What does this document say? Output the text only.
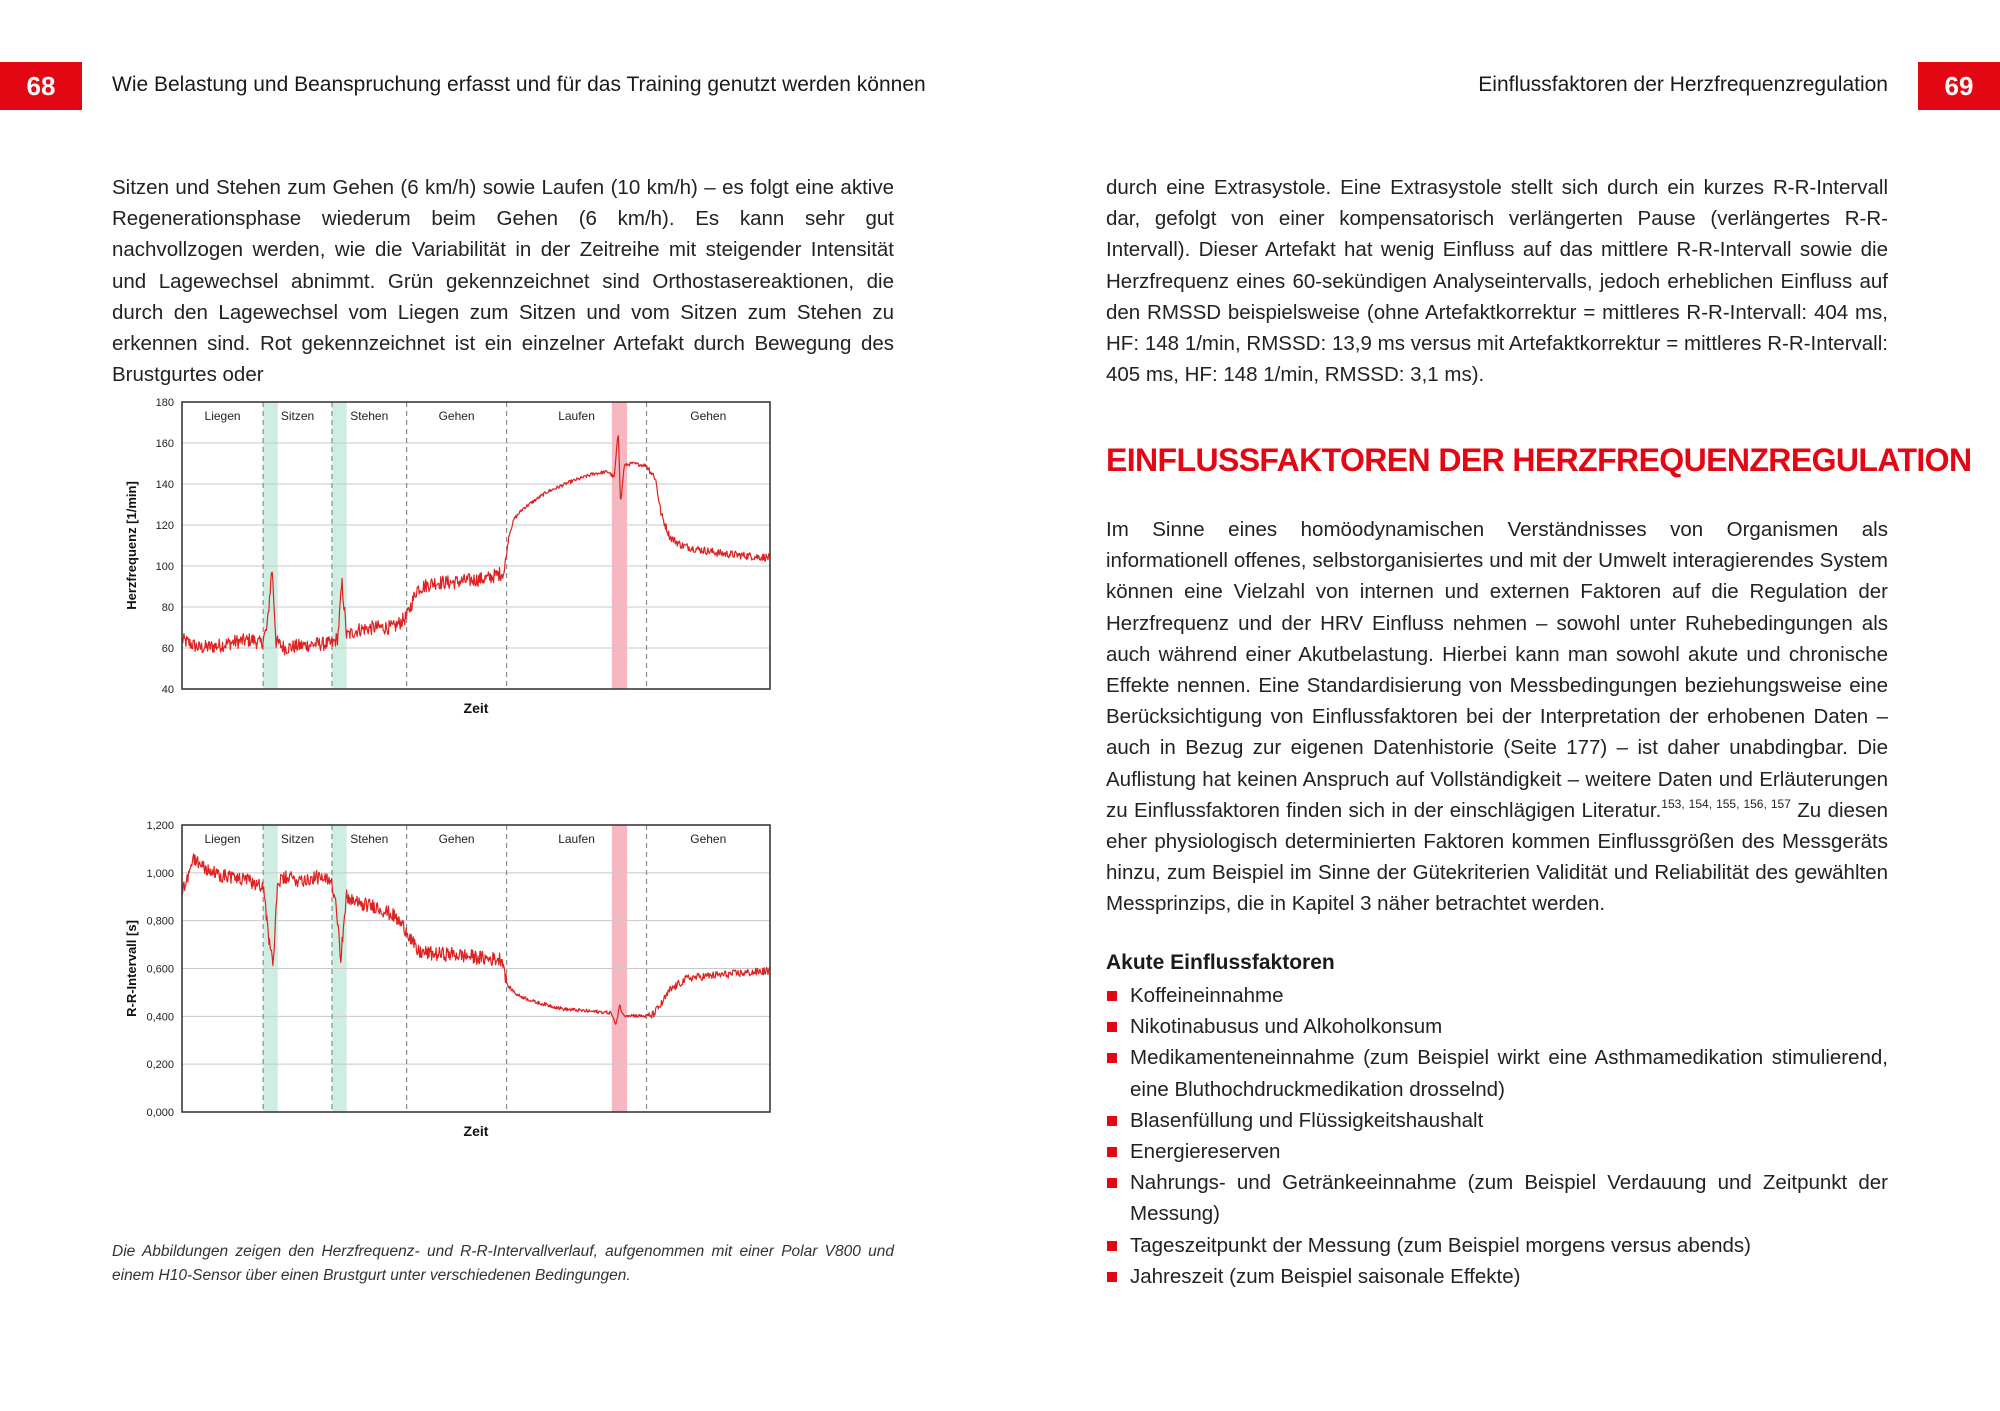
68	Wie Belastung und Beanspruchung erfasst und für das Training genutzt werden können	Einflussfaktoren der Herzfrequenzregulation	69

Sitzen und Stehen zum Gehen (6 km/h) sowie Laufen (10 km/h) – es folgt eine aktive Regenerationsphase wiederum beim Gehen (6 km/h). Es kann sehr gut nachvollzogen werden, wie die Variabilität in der Zeitreihe mit steigender Intensität und Lagewechsel abnimmt. Grün gekennzeichnet sind Orthostasereaktionen, die durch den Lagewechsel vom Liegen zum Sitzen und vom Sitzen zum Stehen zu erkennen sind. Rot gekennzeichnet ist ein einzelner Artefakt durch Bewegung des Brustgurtes oder

40
60
80
100
120
140
160
180
Liegen	Sitzen	Stehen	Gehen	Laufen	Gehen
Zeit
Herzfrequenz [1/min]
0,000
0,200
0,400
0,600
0,800
1,000
1,200
Liegen	Sitzen	Stehen	Gehen	Laufen	Gehen
Zeit
R-R-Intervall [s]

Die Abbildungen zeigen den Herzfrequenz- und R-R-Intervallverlauf, aufgenommen mit einer Polar V800 und einem H10-Sensor über einen Brustgurt unter verschiedenen Bedingungen.

durch eine Extrasystole. Eine Extrasystole stellt sich durch ein kurzes R-R-Intervall dar, gefolgt von einer kompensatorisch verlängerten Pause (verlängertes R-R-Intervall). Dieser Artefakt hat wenig Einfluss auf das mittlere R-R-Intervall sowie die Herzfrequenz eines 60-sekündigen Analyseintervalls, jedoch erheblichen Einfluss auf den RMSSD beispielsweise (ohne Artefaktkorrektur = mittleres R-R-Intervall: 404 ms, HF: 148 1/min, RMSSD: 13,9 ms versus mit Artefaktkorrektur = mittleres R-R-Intervall: 405 ms, HF: 148 1/min, RMSSD: 3,1 ms).

EINFLUSSFAKTOREN DER HERZFREQUENZREGULATION

Im Sinne eines homöodynamischen Verständnisses von Organismen als informationell offenes, selbstorganisiertes und mit der Umwelt interagierendes System können eine Vielzahl von internen und externen Faktoren auf die Regulation der Herzfrequenz und der HRV Einfluss nehmen – sowohl unter Ruhebedingungen als auch während einer Akutbelastung. Hierbei kann man sowohl akute und chronische Effekte nennen. Eine Standardisierung von Messbedingungen beziehungsweise eine Berücksichtigung von Einflussfaktoren bei der Interpretation der erhobenen Daten – auch in Bezug zur eigenen Datenhistorie (Seite 177) – ist daher unabdingbar. Die Auflistung hat keinen Anspruch auf Vollständigkeit – weitere Daten und Erläuterungen zu Einflussfaktoren finden sich in der einschlägigen Literatur.$^{153, 154, 155, 156, 157}$ Zu diesen eher physiologisch determinierten Faktoren kommen Einflussgrößen des Messgeräts hinzu, zum Beispiel im Sinne der Gütekriterien Validität und Reliabilität des gewählten Messprinzips, die in Kapitel 3 näher betrachtet werden.

Akute Einflussfaktoren
Koffeineinnahme
Nikotinabusus und Alkoholkonsum
Medikamenteneinnahme (zum Beispiel wirkt eine Asthmamedikation stimulierend, eine Bluthochdruckmedikation drosselnd)
Blasenfüllung und Flüssigkeitshaushalt
Energiereserven
Nahrungs- und Getränkeeinnahme (zum Beispiel Verdauung und Zeitpunkt der Messung)
Tageszeitpunkt der Messung (zum Beispiel morgens versus abends)
Jahreszeit (zum Beispiel saisonale Effekte)
